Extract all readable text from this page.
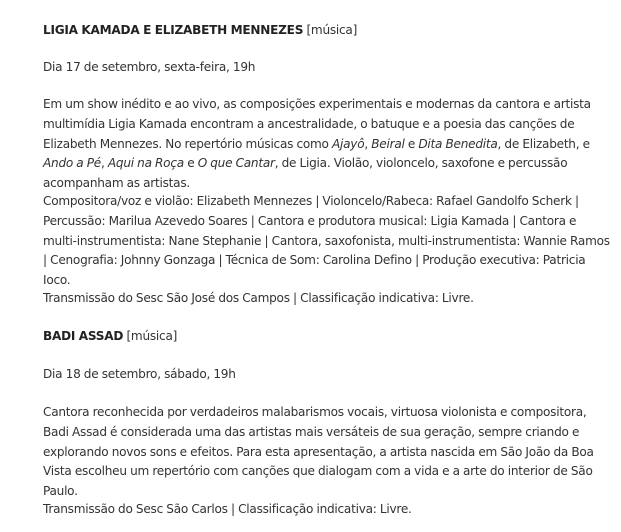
LIGIA KAMADA E ELIZABETH MENNEZES [música]

Dia 17 de setembro, sexta-feira, 19h

Em um show inédito e ao vivo, as composições experimentais e modernas da cantora e artista multimídia Ligia Kamada encontram a ancestralidade, o batuque e a poesia das canções de Elizabeth Mennezes. No repertório músicas como Ajayô, Beiral e Dita Benedita, de Elizabeth, e Ando a Pé, Aqui na Roça e O que Cantar, de Ligia. Violão, violoncelo, saxofone e percussão acompanham as artistas.

Compositora/voz e violão: Elizabeth Mennezes | Violoncelo/Rabeca: Rafael Gandolfo Scherk | Percussão: Marilua Azevedo Soares | Cantora e produtora musical: Ligia Kamada | Cantora e multi-instrumentista: Nane Stephanie | Cantora, saxofonista, multi-instrumentista: Wannie Ramos | Cenografia: Johnny Gonzaga | Técnica de Som: Carolina Defino | Produção executiva: Patricia Ioco.

Transmissão do Sesc São José dos Campos | Classificação indicativa: Livre.

BADI ASSAD [música]

Dia 18 de setembro, sábado, 19h

Cantora reconhecida por verdadeiros malabarismos vocais, virtuosa violonista e compositora, Badi Assad é considerada uma das artistas mais versáteis de sua geração, sempre criando e explorando novos sons e efeitos. Para esta apresentação, a artista nascida em São João da Boa Vista escolheu um repertório com canções que dialogam com a vida e a arte do interior de São Paulo.

Transmissão do Sesc São Carlos | Classificação indicativa: Livre.
